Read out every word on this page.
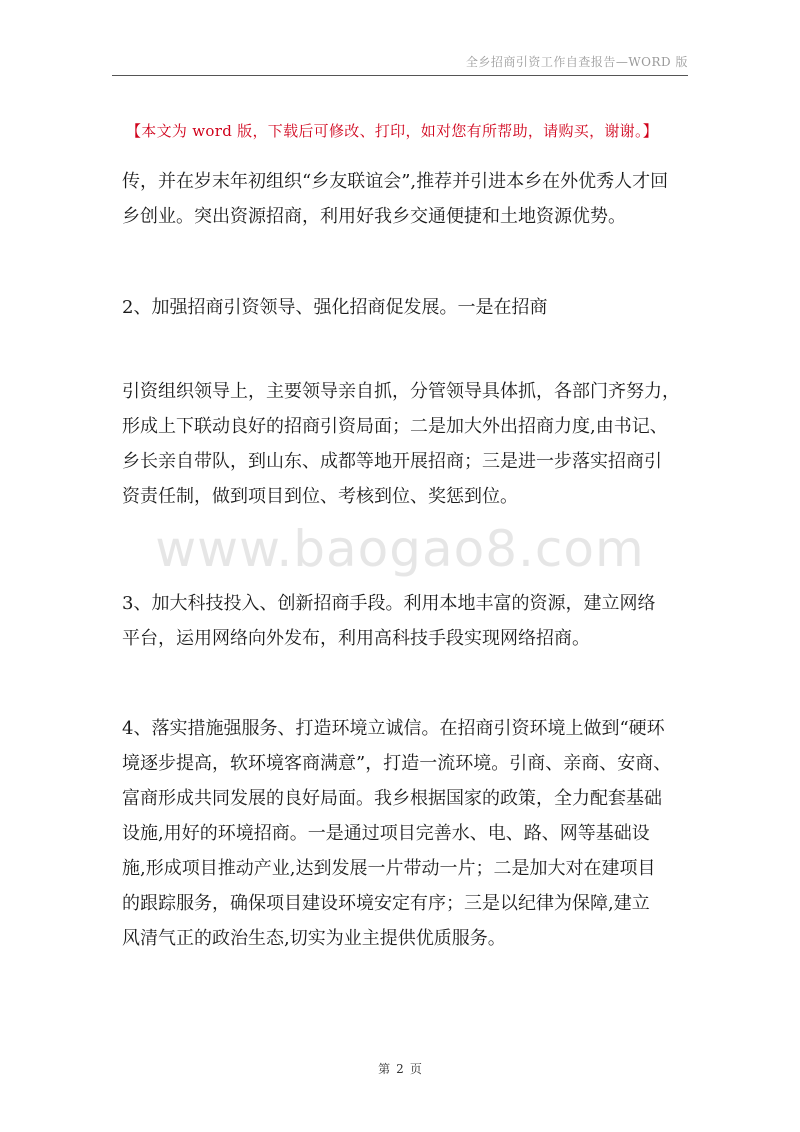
全乡招商引资工作自查报告—WORD 版
【本文为 word 版，下载后可修改、打印，如对您有所帮助，请购买，谢谢。】
www.baogao8.com
传，并在岁末年初组织“乡友联谊会”,推荐并引进本乡在外优秀人才回
乡创业。突出资源招商，利用好我乡交通便捷和土地资源优势。
2、加强招商引资领导、强化招商促发展。一是在招商
引资组织领导上，主要领导亲自抓，分管领导具体抓，各部门齐努力，
形成上下联动良好的招商引资局面；二是加大外出招商力度,由书记、
乡长亲自带队，到山东、成都等地开展招商；三是进一步落实招商引
资责任制，做到项目到位、考核到位、奖惩到位。
3、加大科技投入、创新招商手段。利用本地丰富的资源，建立网络
平台，运用网络向外发布，利用高科技手段实现网络招商。
4、落实措施强服务、打造环境立诚信。在招商引资环境上做到“硬环
境逐步提高，软环境客商满意”，打造一流环境。引商、亲商、安商、
富商形成共同发展的良好局面。我乡根据国家的政策，全力配套基础
设施,用好的环境招商。一是通过项目完善水、电、路、网等基础设
施,形成项目推动产业,达到发展一片带动一片；二是加大对在建项目
的跟踪服务，确保项目建设环境安定有序；三是以纪律为保障,建立
风清气正的政治生态,切实为业主提供优质服务。
第 2 页
